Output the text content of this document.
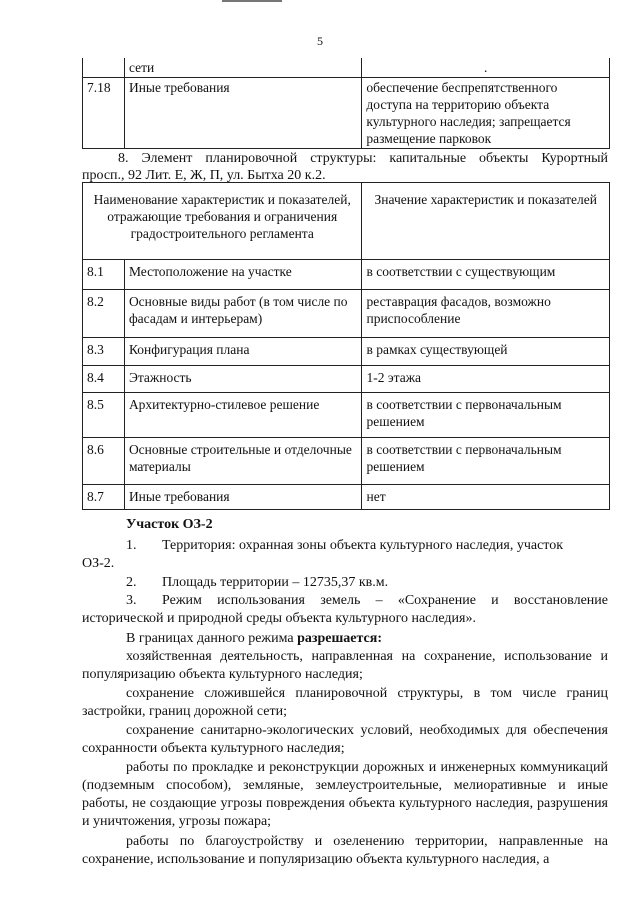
5
	сети	.
7.18	Иные требования	обеспечение беспрепятственного доступа на территорию объекта культурного наследия; запрещается размещение парковок

8. Элемент планировочной структуры: капитальные объекты Курортный

просп., 92 Лит. Е, Ж, П, ул. Бытха 20 к.2.

Наименование характеристик и показателей, отражающие требования и ограничения градостроительного регламента		Значение характеристик и показателей
8.1	Местоположение на участке	в соответствии с существующим
8.2	Основные виды работ (в том числе по фасадам и интерьерам)	реставрация фасадов, возможно приспособление
8.3	Конфигурация плана	в рамках существующей
8.4	Этажность	1-2 этажа
8.5	Архитектурно-стилевое решение	в соответствии с первоначальным решением
8.6	Основные строительные и отделочные материалы	в соответствии с первоначальным решением
8.7	Иные требования	нет

Участок ОЗ-2

1. Территория: охранная зоны объекта культурного наследия, участок

ОЗ-2.

2. Площадь территории – 12735,37 кв.м.
3. Режим использования земель – «Сохранение и восстановление

исторической и природной среды объекта культурного наследия».

В границах данного режима разрешается:

хозяйственная деятельность, направленная на сохранение, использование и популяризацию объекта культурного наследия;

сохранение сложившейся планировочной структуры, в том числе границ застройки, границ дорожной сети;

сохранение санитарно-экологических условий, необходимых для обеспечения сохранности объекта культурного наследия;

работы по прокладке и реконструкции дорожных и инженерных коммуникаций (подземным способом), земляные, землеустроительные, мелиоративные и иные работы, не создающие угрозы повреждения объекта культурного наследия, разрушения и уничтожения, угрозы пожара;

работы по благоустройству и озеленению территории, направленные на сохранение, использование и популяризацию объекта культурного наследия, а
